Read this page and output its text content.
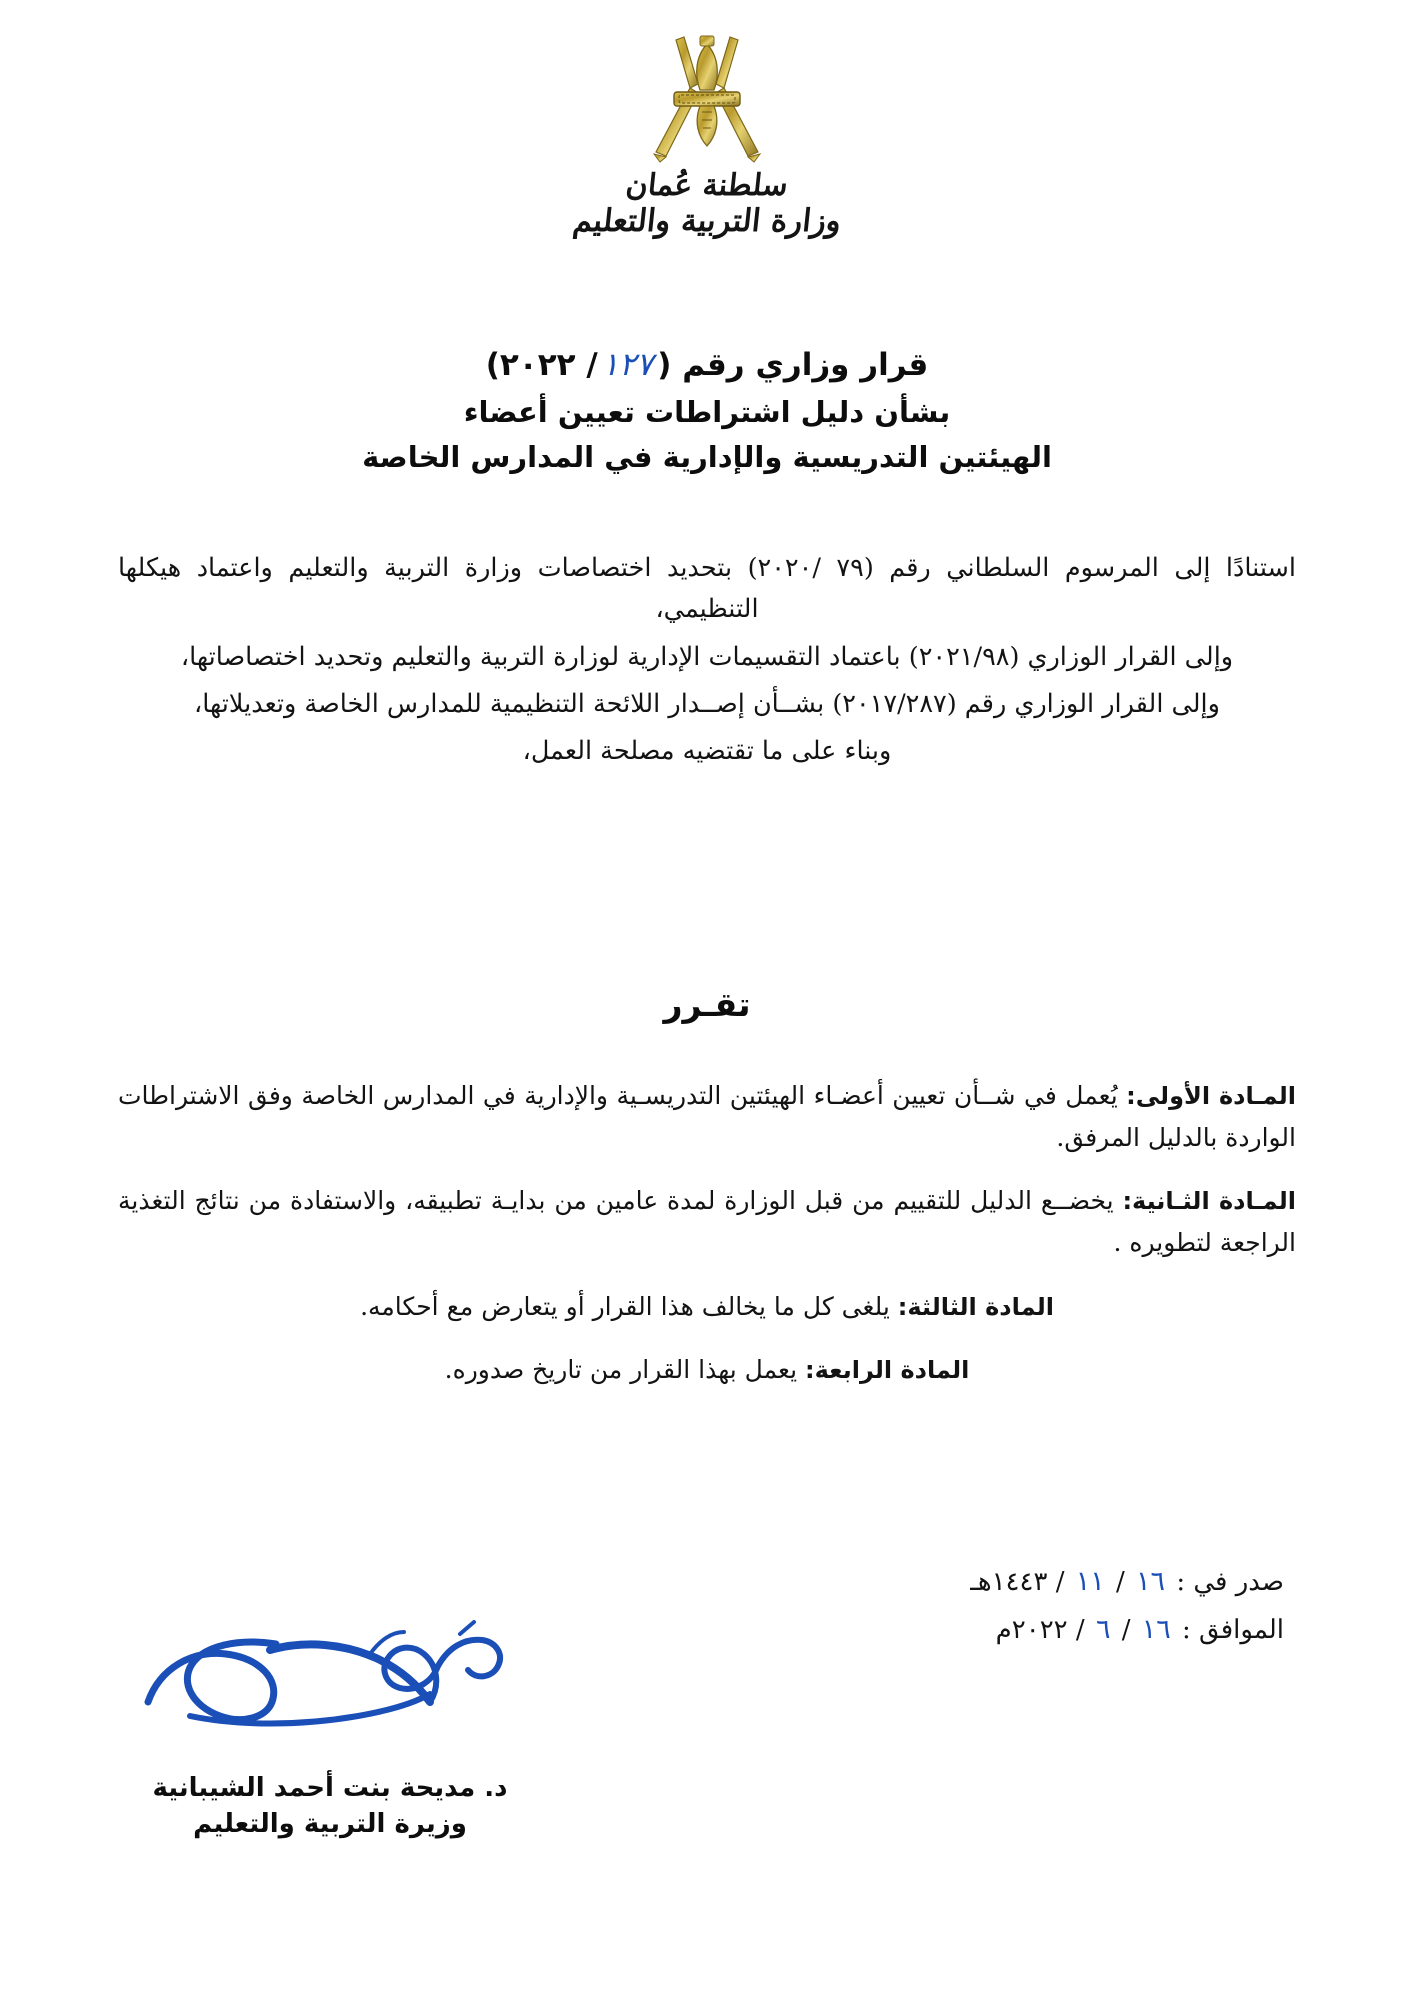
سلطنة عُمان
وزارة التربية والتعليم
قرار وزاري رقم (١٢٧/ ٢٠٢٢)
بشأن دليل اشتراطات تعيين أعضاء
الهيئتين التدريسية والإدارية في المدارس الخاصة

استنادًا إلى المرسوم السلطاني رقم (٧٩ /٢٠٢٠) بتحديد اختصاصات وزارة التربية والتعليم واعتماد هيكلها التنظيمي،

وإلى القرار الوزاري (٢٠٢١/٩٨) باعتماد التقسيمات الإدارية لوزارة التربية والتعليم وتحديد اختصاصاتها،

وإلى القرار الوزاري رقم (٢٠١٧/٢٨٧) بشــأن إصــدار اللائحة التنظيمية للمدارس الخاصة وتعديلاتها،

وبناء على ما تقتضيه مصلحة العمل،

تقـرر

المـادة الأولى: يُعمل في شــأن تعيين أعضـاء الهيئتين التدريسـية والإدارية في المدارس الخاصة وفق الاشتراطات الواردة بالدليل المرفق.

المـادة الثـانية: يخضــع الدليل للتقييم من قبل الوزارة لمدة عامين من بدايـة تطبيقه، والاستفادة من نتائج التغذية الراجعة لتطويره .

المادة الثالثة: يلغى كل ما يخالف هذا القرار أو يتعارض مع أحكامه.

المادة الرابعة: يعمل بهذا القرار من تاريخ صدوره.

صدر في : ١٦ / ١١ / ١٤٤٣هـ
الموافق : ١٦ / ٦ / ٢٠٢٢م
د. مديحة بنت أحمد الشيبانية
وزيرة التربية والتعليم
